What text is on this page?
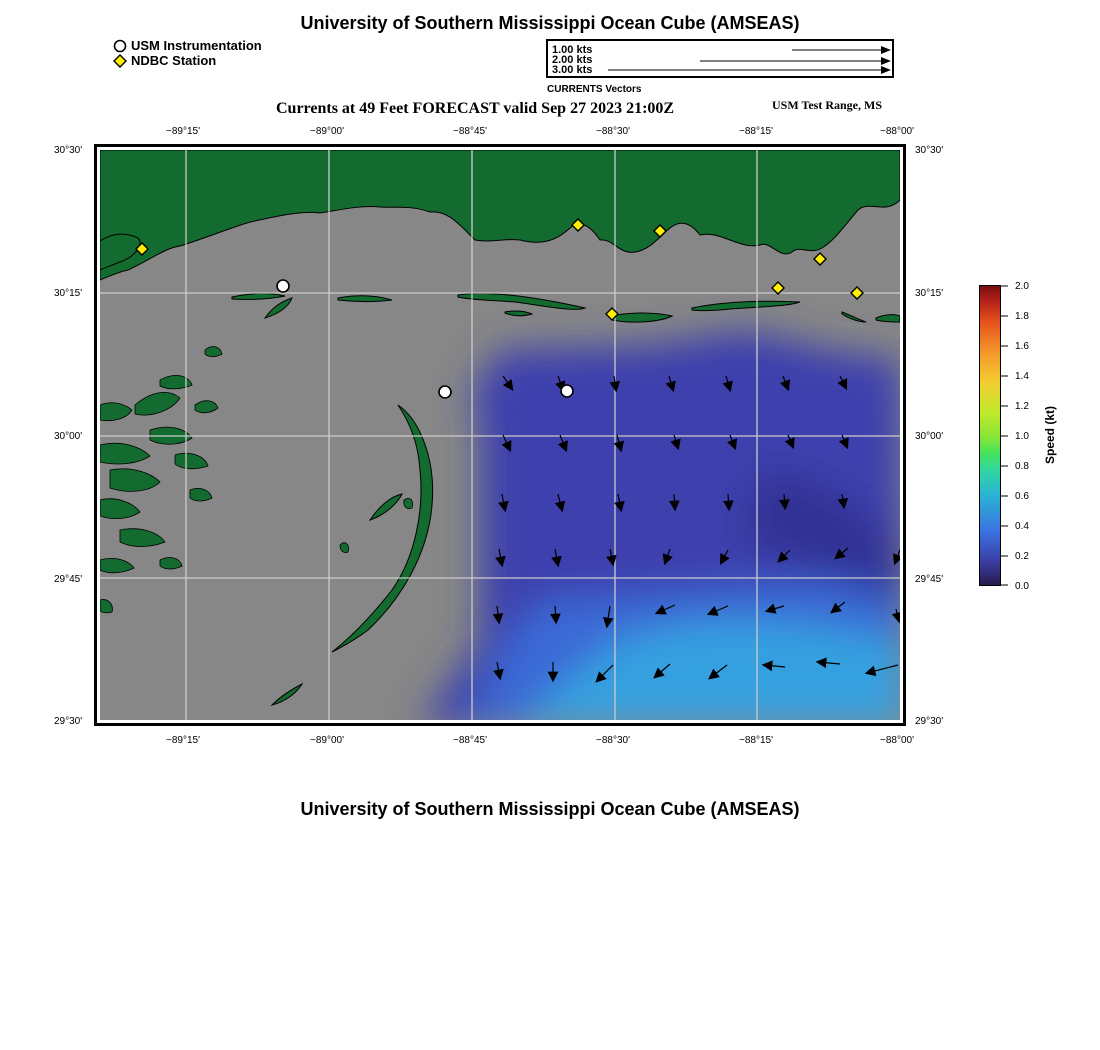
University of Southern Mississippi Ocean Cube (AMSEAS)
USM Instrumentation
NDBC Station
1.00 kts
2.00 kts
3.00 kts
CURRENTS Vectors
Currents at 49 Feet FORECAST valid Sep 27 2023 21:00Z	USM Test Range, MS
−89°15'	−89°00'	−88°45'	−88°30'	−88°15'	−88°00'
−89°15'	−89°00'	−88°45'	−88°30'	−88°15'	−88°00'
30°30'
30°15'
30°00'
29°45'
29°30'
30°30'
30°15'
30°00'
29°45'
29°30'
2.0
1.8
1.6
1.4
1.2
1.0
0.8
0.6
0.4
0.2
0.0
Speed (kt)
University of Southern Mississippi Ocean Cube (AMSEAS)
